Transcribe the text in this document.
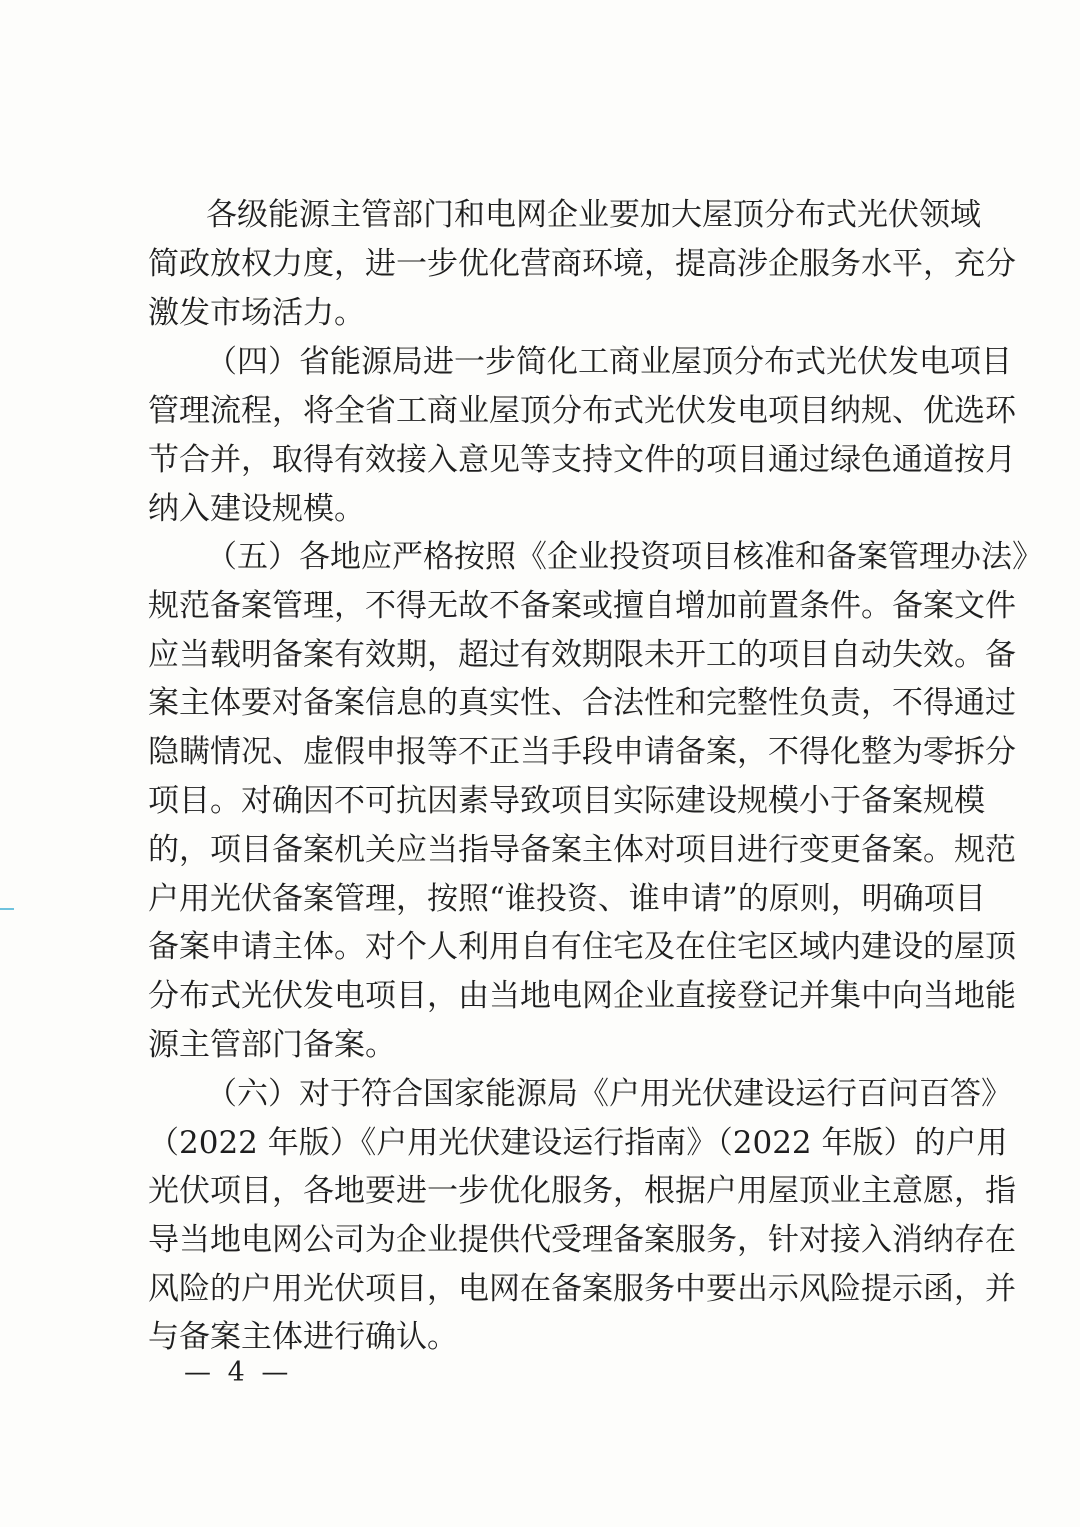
各级能源主管部门和电网企业要加大屋顶分布式光伏领域
简政放权力度，进一步优化营商环境，提高涉企服务水平，充分
激发市场活力。
（四）省能源局进一步简化工商业屋顶分布式光伏发电项目
管理流程，将全省工商业屋顶分布式光伏发电项目纳规、优选环
节合并，取得有效接入意见等支持文件的项目通过绿色通道按月
纳入建设规模。
（五）各地应严格按照《企业投资项目核准和备案管理办法》
规范备案管理，不得无故不备案或擅自增加前置条件。备案文件
应当载明备案有效期，超过有效期限未开工的项目自动失效。备
案主体要对备案信息的真实性、合法性和完整性负责，不得通过
隐瞒情况、虚假申报等不正当手段申请备案，不得化整为零拆分
项目。对确因不可抗因素导致项目实际建设规模小于备案规模
的，项目备案机关应当指导备案主体对项目进行变更备案。规范
户用光伏备案管理，按照“谁投资、谁申请”的原则，明确项目
备案申请主体。对个人利用自有住宅及在住宅区域内建设的屋顶
分布式光伏发电项目，由当地电网企业直接登记并集中向当地能
源主管部门备案。
（六）对于符合国家能源局《户用光伏建设运行百问百答》
（2022 年版）《户用光伏建设运行指南》（2022 年版）的户用
光伏项目，各地要进一步优化服务，根据户用屋顶业主意愿，指
导当地电网公司为企业提供代受理备案服务，针对接入消纳存在
风险的户用光伏项目，电网在备案服务中要出示风险提示函，并
与备案主体进行确认。
— 4 —
